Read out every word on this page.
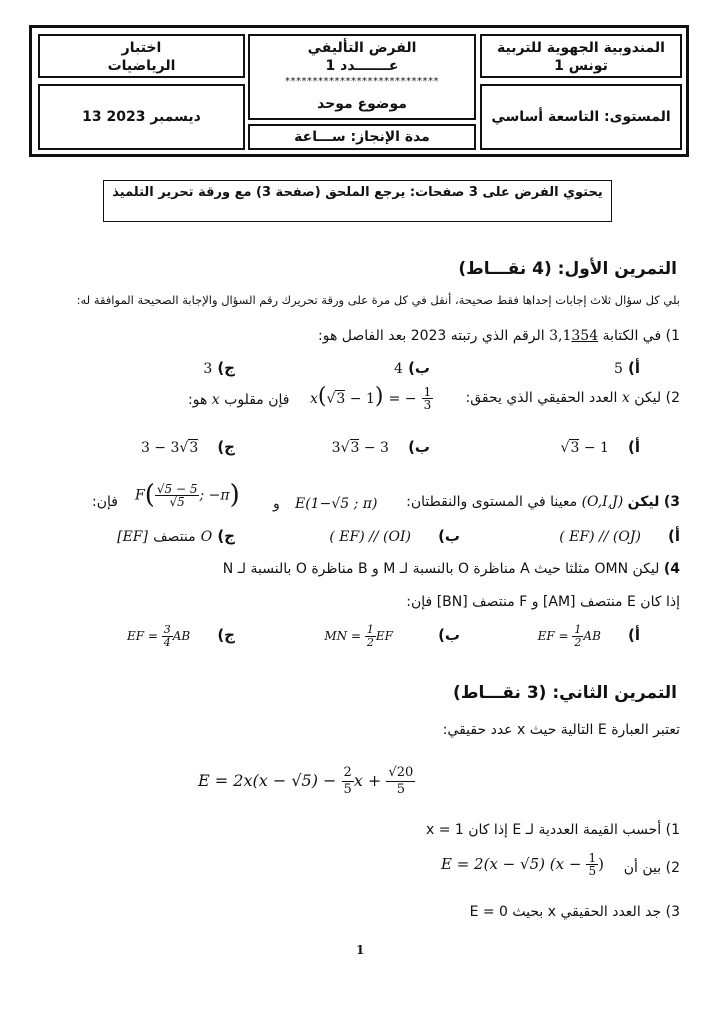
اختبار
الرياضيات
الفرض التأليفي
عـــــــدد 1
****************************
موضوع موحد
المندوبية الجهوية للتربية
تونس 1
13 ديسمبر 2023
مدة الإنجاز: ســـاعة
المستوى: التاسعة أساسي
يحتوي الفرض على 3 صفحات: يرجع الملحق (صفحة 3) مع ورقة تحرير التلميذ
التمرين الأول: (4 نقـــاط)
بلي كل سؤال ثلاث إجابات إحداها فقط صحيحة، أنقل في كل مرة على ورقة تحريرك رقم السؤال والإجابة الصحيحة الموافقة له:
1) في الكتابة 3,1354 الرقم الذي رتبته 2023 بعد الفاصل هو:
أ) 5
ب) 4
ج) 3
2) ليكن x العدد الحقيقي الذي يحقق:
x(√3 − 1) = − $\frac{1}{3}$
فإن مقلوب x هو:
أ) √3 − 1
ب) 3√3 − 3
ج) 3 − 3√3
3) ليكن (O,I,J) معينا في المستوى والنقطتان:
E(1−√5 ; π)
و
$F( \frac{√5 - 5}{√5}$ ; −π)
فإن:
أ) ( EF) // (OJ)
ب) ( EF) // (OI)
ج) O منتصف [EF]
4) ليكن OMN مثلثا حيث A مناظرة O بالنسبة لـ M و B مناظرة O بالنسبة لـ N
إذا كان E منتصف [AM] و F منتصف [BN] فإن:
أ) EF = $\frac{1}{2}$ AB
ب) MN = $\frac{1}{2}$ EF
ج) EF = $\frac{3}{4}$ AB
التمرين الثاني: (3 نقـــاط)
تعتبر العبارة E التالية حيث x عدد حقيقي:
$E = 2x(x - √5) - \frac{2}{5}$ $x + \frac{√20}{5}$
1) أحسب القيمة العددية لـ E إذا كان x = 1
2) بين أن
E = 2(x − √5) ($x - \frac{1}{5}$ )
3) جد العدد الحقيقي x بحيث E = 0
1
